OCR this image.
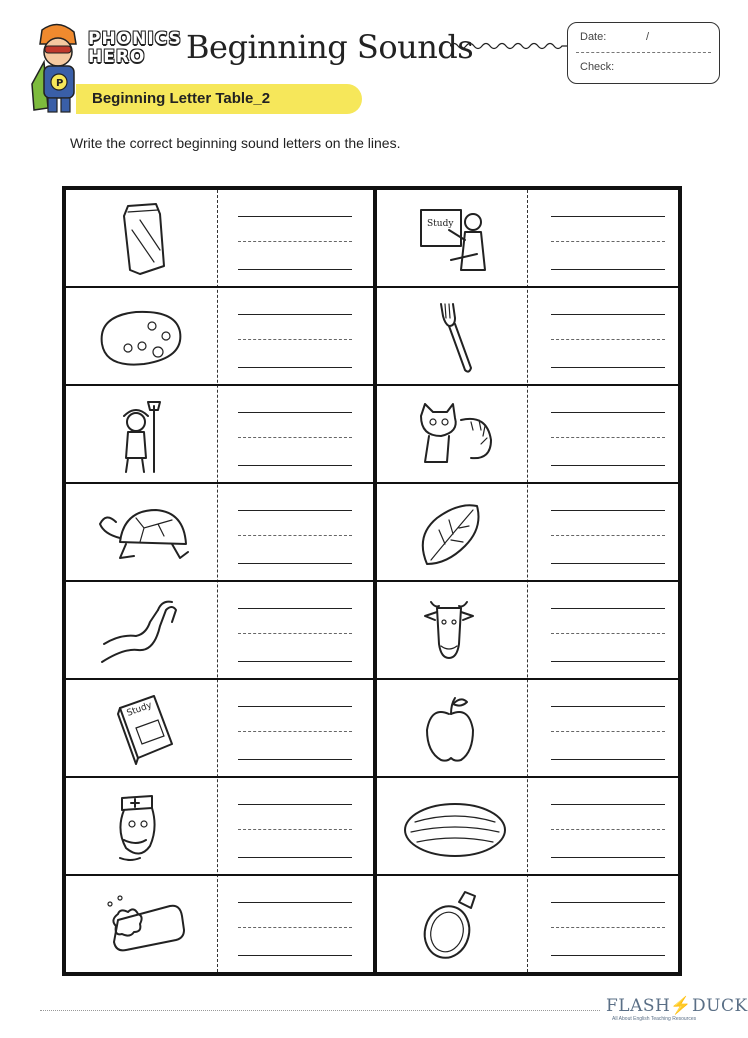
P
PHONICS
HERO	Beginning Sounds	Date:	/
Check:
Beginning Letter Table_2
Write the correct beginning sound letters on the lines.
Study
Study
FLASH⚡DUCK
All About English Teaching Resources
